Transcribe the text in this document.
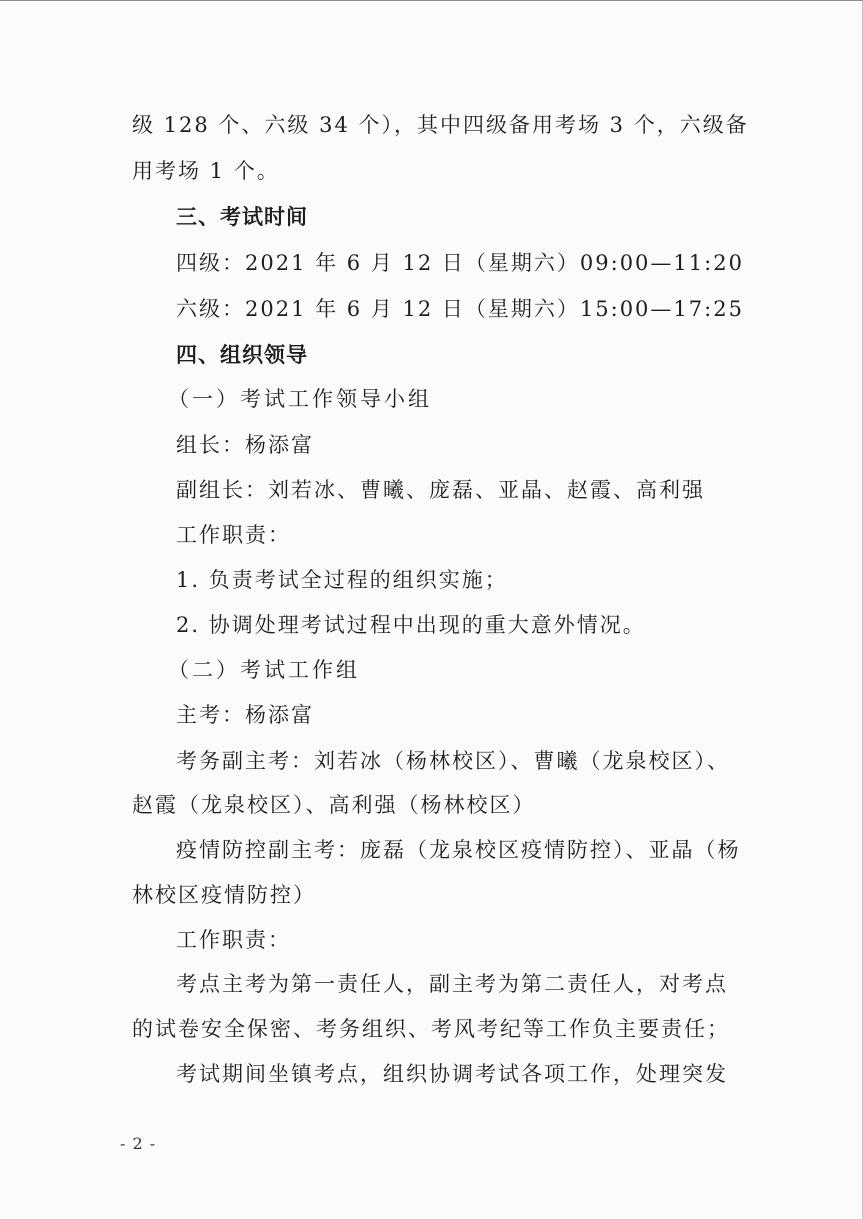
级 128 个、六级 34 个），其中四级备用考场 3 个，六级备
用考场 1 个。
三、考试时间
四级：2021 年 6 月 12 日（星期六）09:00—11:20
六级：2021 年 6 月 12 日（星期六）15:00—17:25
四、组织领导
（一）考试工作领导小组
组长：杨添富
副组长：刘若冰、曹曦、庞磊、亚晶、赵霞、高利强
工作职责：
1. 负责考试全过程的组织实施；
2. 协调处理考试过程中出现的重大意外情况。
（二）考试工作组
主考：杨添富
考务副主考：刘若冰（杨林校区）、曹曦（龙泉校区）、
赵霞（龙泉校区）、高利强（杨林校区）
疫情防控副主考：庞磊（龙泉校区疫情防控）、亚晶（杨
林校区疫情防控）
工作职责：
考点主考为第一责任人，副主考为第二责任人，对考点
的试卷安全保密、考务组织、考风考纪等工作负主要责任；
考试期间坐镇考点，组织协调考试各项工作，处理突发
- 2 -
